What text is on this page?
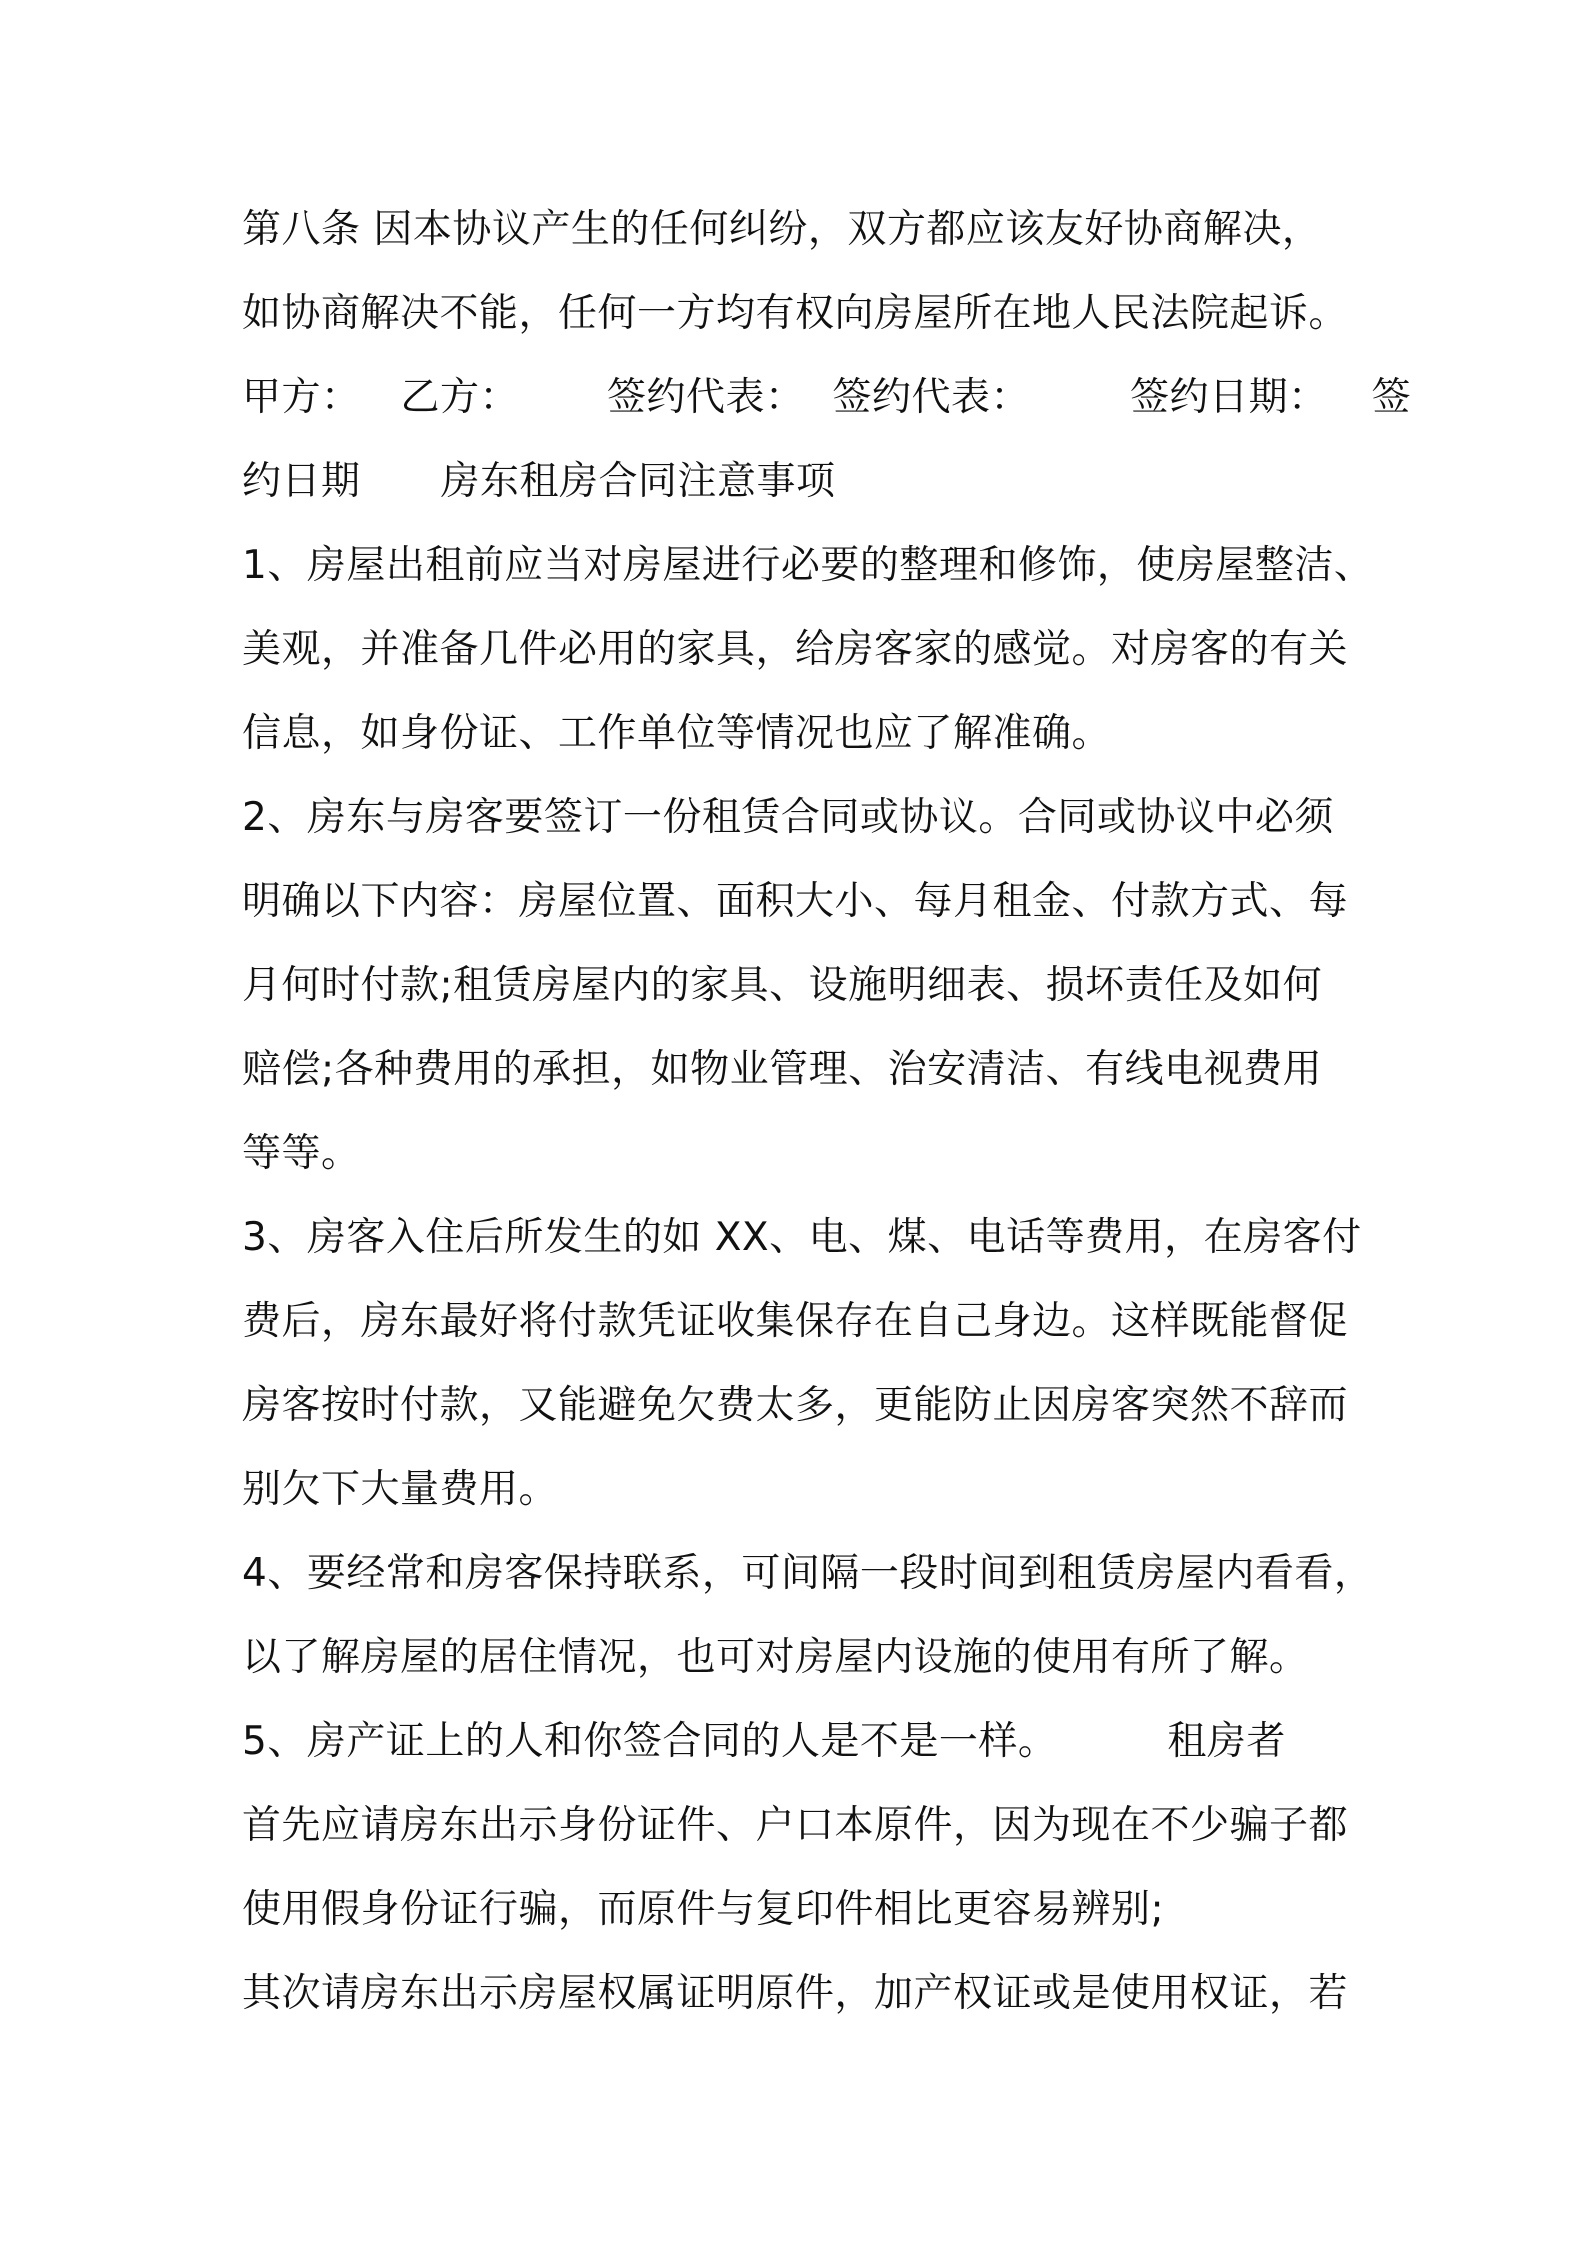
第八条 因本协议产生的任何纠纷，双方都应该友好协商解决，
如协商解决不能，任何一方均有权向房屋所在地人民法院起诉。
甲方： 乙方： 签约代表： 签约代表：	签约日期： 签
约日期 房东租房合同注意事项
1、房屋出租前应当对房屋进行必要的整理和修饰，使房屋整洁、
美观，并准备几件必用的家具，给房客家的感觉。对房客的有关
信息，如身份证、工作单位等情况也应了解准确。
2、房东与房客要签订一份租赁合同或协议。合同或协议中必须
明确以下内容：房屋位置、面积大小、每月租金、付款方式、每
月何时付款;租赁房屋内的家具、设施明细表、损坏责任及如何
赔偿;各种费用的承担，如物业管理、治安清洁、有线电视费用
等等。
3、房客入住后所发生的如 XX、电、煤、电话等费用，在房客付
费后，房东最好将付款凭证收集保存在自己身边。这样既能督促
房客按时付款，又能避免欠费太多，更能防止因房客突然不辞而
别欠下大量费用。
4、要经常和房客保持联系，可间隔一段时间到租赁房屋内看看，
以了解房屋的居住情况，也可对房屋内设施的使用有所了解。
5、房产证上的人和你签合同的人是不是一样。	租房者
首先应请房东出示身份证件、户口本原件，因为现在不少骗子都
使用假身份证行骗，而原件与复印件相比更容易辨别;
其次请房东出示房屋权属证明原件，加产权证或是使用权证，若
